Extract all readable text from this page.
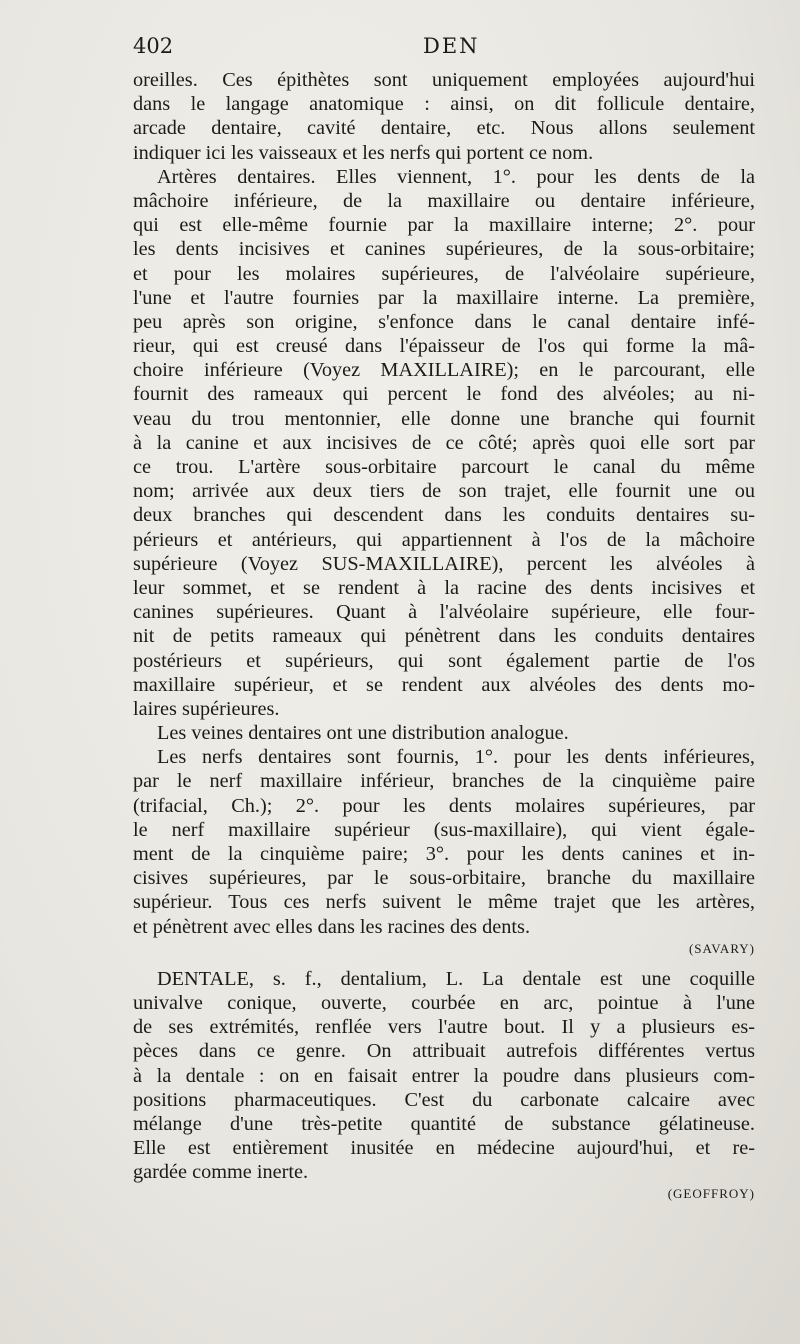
402	DEN
oreilles. Ces épithètes sont uniquement employées aujourd'hui
dans le langage anatomique : ainsi, on dit follicule dentaire,
arcade dentaire, cavité dentaire, etc. Nous allons seulement
indiquer ici les vaisseaux et les nerfs qui portent ce nom.
Artères dentaires. Elles viennent, 1°. pour les dents de la
mâchoire inférieure, de la maxillaire ou dentaire inférieure,
qui est elle-même fournie par la maxillaire interne; 2°. pour
les dents incisives et canines supérieures, de la sous-orbitaire;
et pour les molaires supérieures, de l'alvéolaire supérieure,
l'une et l'autre fournies par la maxillaire interne. La première,
peu après son origine, s'enfonce dans le canal dentaire infé-
rieur, qui est creusé dans l'épaisseur de l'os qui forme la mâ-
choire inférieure (Voyez MAXILLAIRE); en le parcourant, elle
fournit des rameaux qui percent le fond des alvéoles; au ni-
veau du trou mentonnier, elle donne une branche qui fournit
à la canine et aux incisives de ce côté; après quoi elle sort par
ce trou. L'artère sous-orbitaire parcourt le canal du même
nom; arrivée aux deux tiers de son trajet, elle fournit une ou
deux branches qui descendent dans les conduits dentaires su-
périeurs et antérieurs, qui appartiennent à l'os de la mâchoire
supérieure (Voyez SUS-MAXILLAIRE), percent les alvéoles à
leur sommet, et se rendent à la racine des dents incisives et
canines supérieures. Quant à l'alvéolaire supérieure, elle four-
nit de petits rameaux qui pénètrent dans les conduits dentaires
postérieurs et supérieurs, qui sont également partie de l'os
maxillaire supérieur, et se rendent aux alvéoles des dents mo-
laires supérieures.
Les veines dentaires ont une distribution analogue.
Les nerfs dentaires sont fournis, 1°. pour les dents inférieures,
par le nerf maxillaire inférieur, branches de la cinquième paire
(trifacial, Ch.); 2°. pour les dents molaires supérieures, par
le nerf maxillaire supérieur (sus-maxillaire), qui vient égale-
ment de la cinquième paire; 3°. pour les dents canines et in-
cisives supérieures, par le sous-orbitaire, branche du maxillaire
supérieur. Tous ces nerfs suivent le même trajet que les artères,
et pénètrent avec elles dans les racines des dents.
(SAVARY)
DENTALE, s. f., dentalium, L. La dentale est une coquille
univalve conique, ouverte, courbée en arc, pointue à l'une
de ses extrémités, renflée vers l'autre bout. Il y a plusieurs es-
pèces dans ce genre. On attribuait autrefois différentes vertus
à la dentale : on en faisait entrer la poudre dans plusieurs com-
positions pharmaceutiques. C'est du carbonate calcaire avec
mélange d'une très-petite quantité de substance gélatineuse.
Elle est entièrement inusitée en médecine aujourd'hui, et re-
gardée comme inerte.
(GEOFFROY)
